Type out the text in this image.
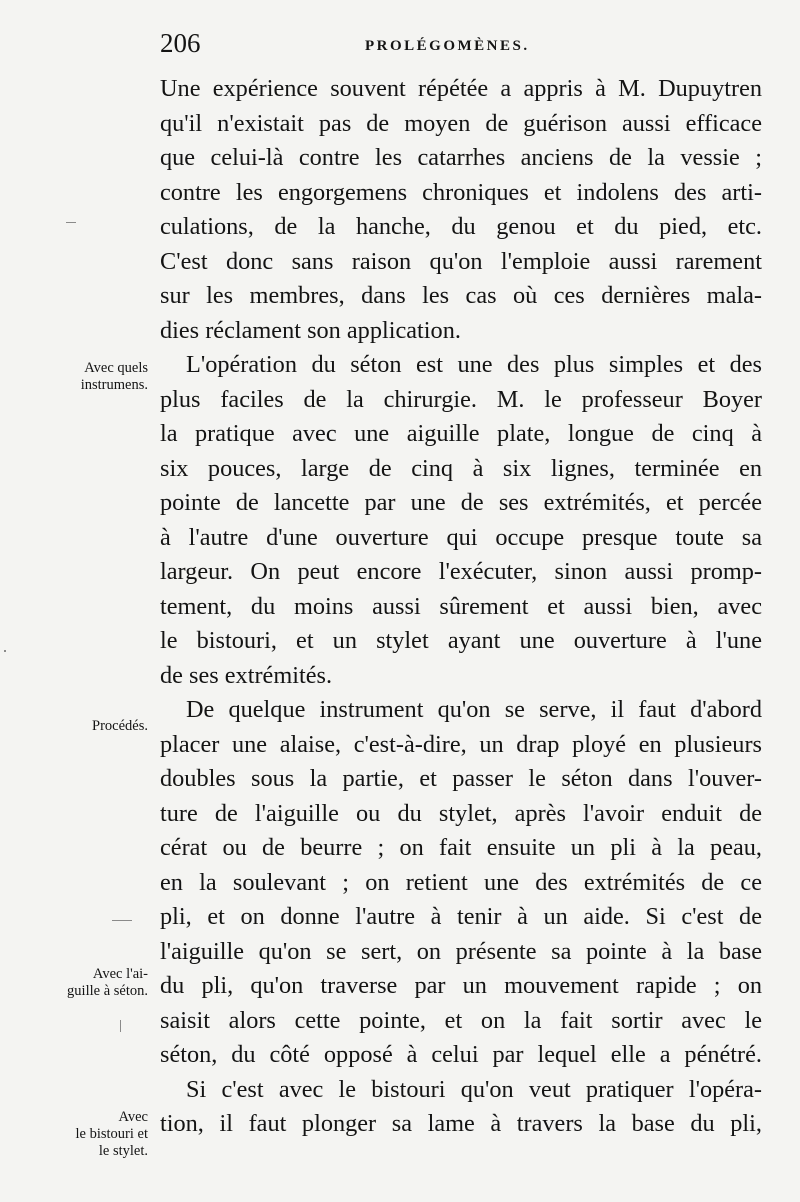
206	PROLÉGOMÈNES.
Avec quels
instrumens.
Procédés.
Avec l'ai-
guille à séton.
Avec
le bistouri et
le stylet.
Une expérience souvent répétée a appris à M. Dupuytren
qu'il n'existait pas de moyen de guérison aussi efficace
que celui-là contre les catarrhes anciens de la vessie ;
contre les engorgemens chroniques et indolens des arti-
culations, de la hanche, du genou et du pied, etc.
C'est donc sans raison qu'on l'emploie aussi rarement
sur les membres, dans les cas où ces dernières mala-
dies réclament son application.
L'opération du séton est une des plus simples et des
plus faciles de la chirurgie. M. le professeur Boyer
la pratique avec une aiguille plate, longue de cinq à
six pouces, large de cinq à six lignes, terminée en
pointe de lancette par une de ses extrémités, et percée
à l'autre d'une ouverture qui occupe presque toute sa
largeur. On peut encore l'exécuter, sinon aussi promp-
tement, du moins aussi sûrement et aussi bien, avec
le bistouri, et un stylet ayant une ouverture à l'une
de ses extrémités.
De quelque instrument qu'on se serve, il faut d'abord
placer une alaise, c'est-à-dire, un drap ployé en plusieurs
doubles sous la partie, et passer le séton dans l'ouver-
ture de l'aiguille ou du stylet, après l'avoir enduit de
cérat ou de beurre ; on fait ensuite un pli à la peau,
en la soulevant ; on retient une des extrémités de ce
pli, et on donne l'autre à tenir à un aide. Si c'est de
l'aiguille qu'on se sert, on présente sa pointe à la base
du pli, qu'on traverse par un mouvement rapide ; on
saisit alors cette pointe, et on la fait sortir avec le
séton, du côté opposé à celui par lequel elle a pénétré.
Si c'est avec le bistouri qu'on veut pratiquer l'opéra-
tion, il faut plonger sa lame à travers la base du pli,
